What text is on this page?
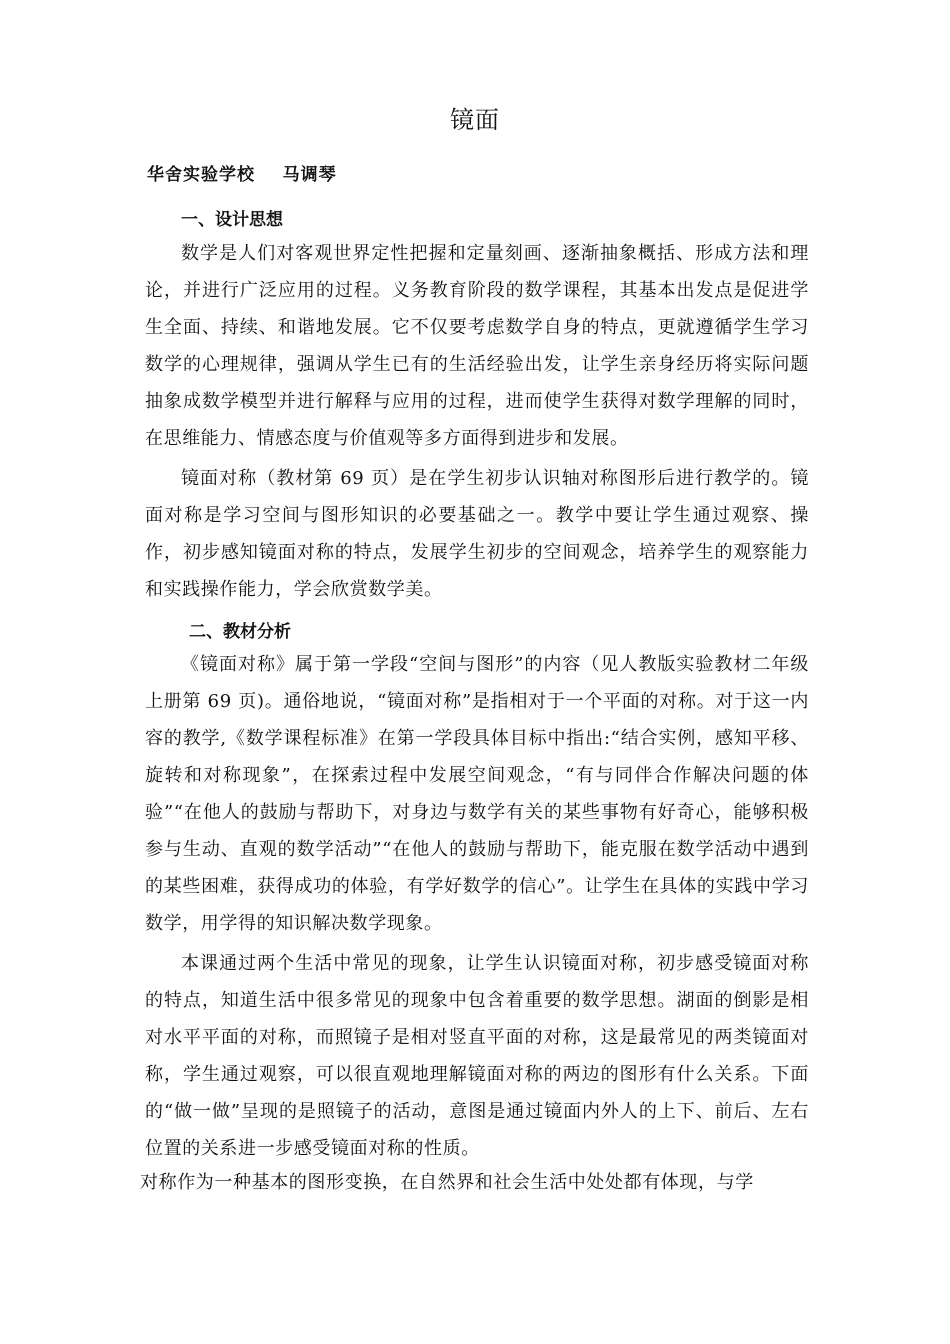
镜面
华舍实验学校    马调琴
一、设计思想

数学是人们对客观世界定性把握和定量刻画、逐渐抽象概括、形成方法和理论，并进行广泛应用的过程。义务教育阶段的数学课程，其基本出发点是促进学生全面、持续、和谐地发展。它不仅要考虑数学自身的特点，更就遵循学生学习数学的心理规律，强调从学生已有的生活经验出发，让学生亲身经历将实际问题抽象成数学模型并进行解释与应用的过程，进而使学生获得对数学理解的同时，在思维能力、情感态度与价值观等多方面得到进步和发展。

镜面对称（教材第 69 页）是在学生初步认识轴对称图形后进行教学的。镜面对称是学习空间与图形知识的必要基础之一。教学中要让学生通过观察、操作，初步感知镜面对称的特点，发展学生初步的空间观念，培养学生的观察能力和实践操作能力，学会欣赏数学美。

二、教材分析

《镜面对称》属于第一学段“空间与图形”的内容（见人教版实验教材二年级上册第 69 页)。通俗地说，“镜面对称”是指相对于一个平面的对称。对于这一内容的教学,《数学课程标准》在第一学段具体目标中指出:“结合实例，感知平移、旋转和对称现象”，在探索过程中发展空间观念，“有与同伴合作解决问题的体验”“在他人的鼓励与帮助下，对身边与数学有关的某些事物有好奇心，能够积极参与生动、直观的数学活动”“在他人的鼓励与帮助下，能克服在数学活动中遇到的某些困难，获得成功的体验，有学好数学的信心”。让学生在具体的实践中学习数学，用学得的知识解决数学现象。

本课通过两个生活中常见的现象，让学生认识镜面对称，初步感受镜面对称的特点，知道生活中很多常见的现象中包含着重要的数学思想。湖面的倒影是相对水平平面的对称，而照镜子是相对竖直平面的对称，这是最常见的两类镜面对称，学生通过观察，可以很直观地理解镜面对称的两边的图形有什么关系。下面的“做一做”呈现的是照镜子的活动，意图是通过镜面内外人的上下、前后、左右位置的关系进一步感受镜面对称的性质。

对称作为一种基本的图形变换，在自然界和社会生活中处处都有体现，与学
